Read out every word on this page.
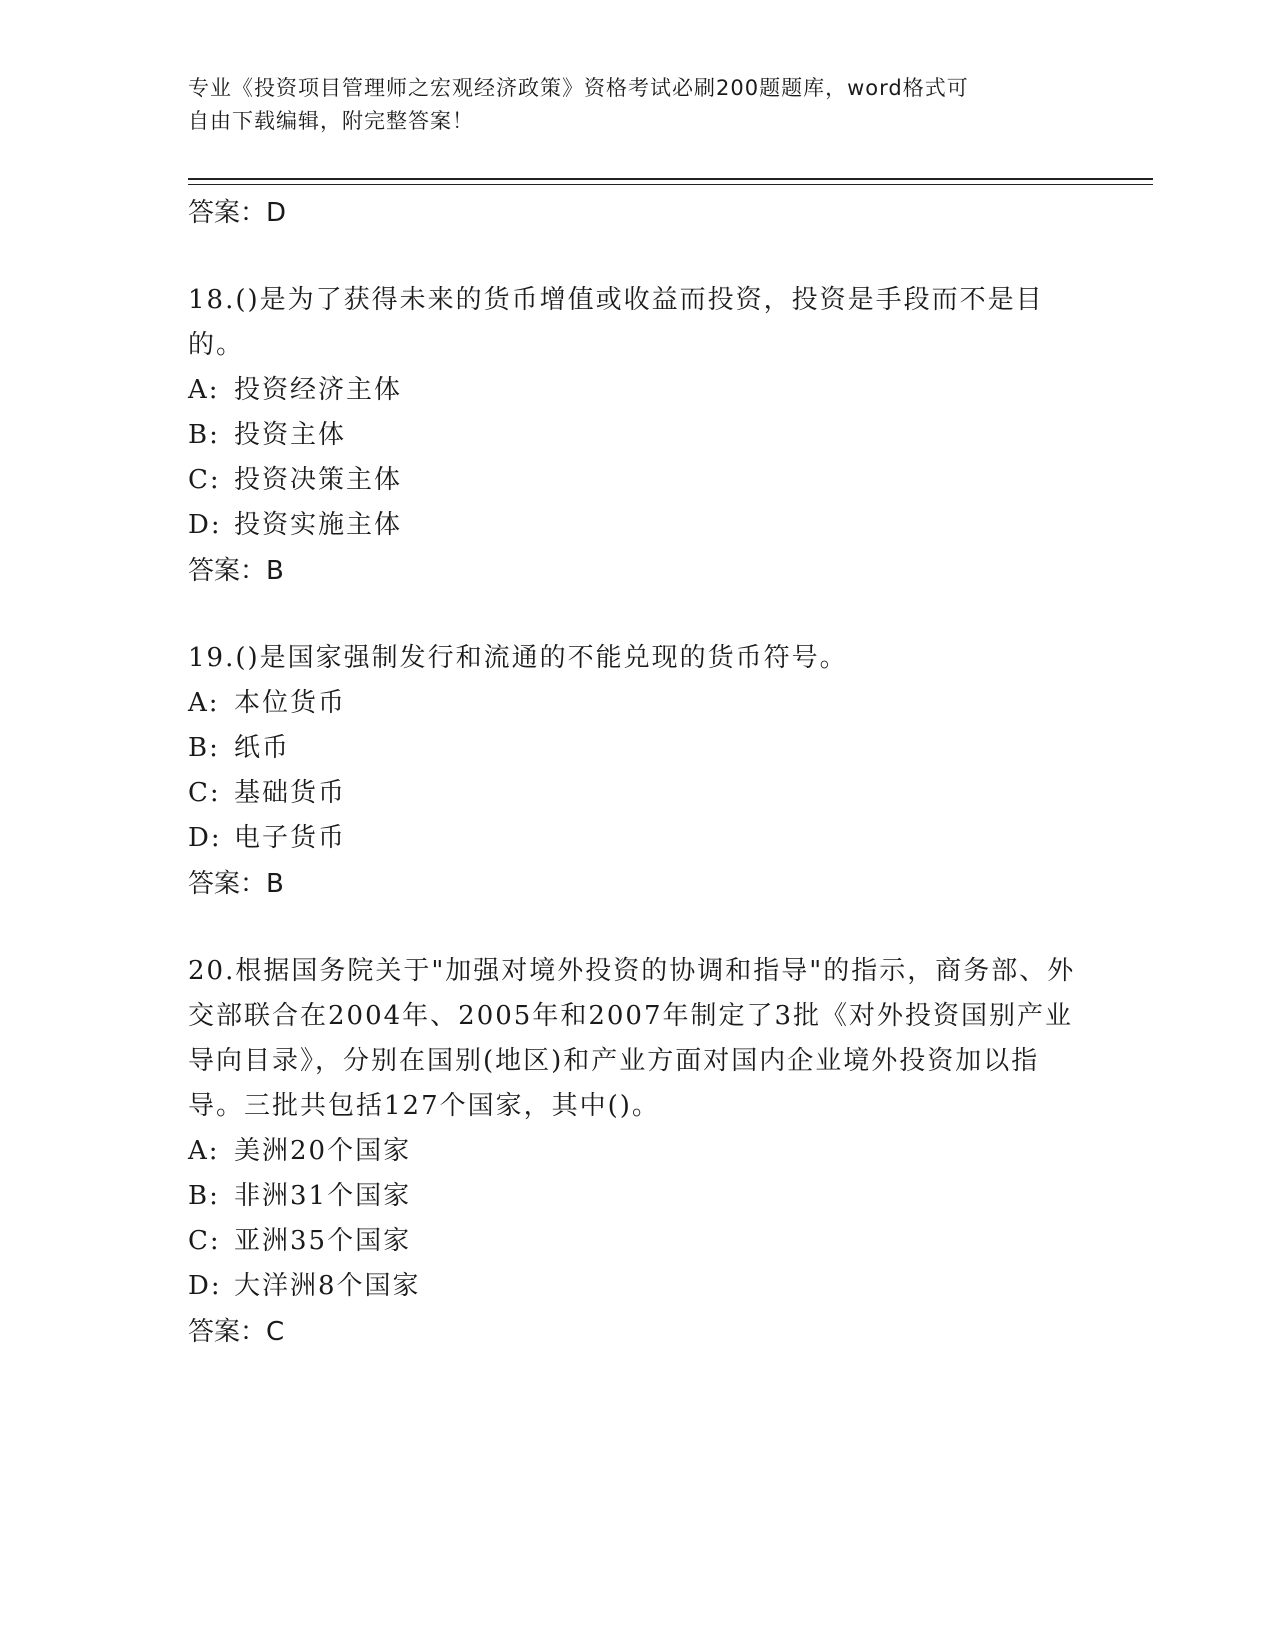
专业《投资项目管理师之宏观经济政策》资格考试必刷200题题库，word格式可
自由下载编辑，附完整答案！
答案：D
18.()是为了获得未来的货币增值或收益而投资，投资是手段而不是目的。
A: 投资经济主体
B: 投资主体
C: 投资决策主体
D: 投资实施主体
答案：B
19.()是国家强制发行和流通的不能兑现的货币符号。
A: 本位货币
B: 纸币
C: 基础货币
D: 电子货币
答案：B
20.根据国务院关于"加强对境外投资的协调和指导"的指示，商务部、外交部联合在2004年、2005年和2007年制定了3批《对外投资国别产业导向目录》，分别在国别(地区)和产业方面对国内企业境外投资加以指导。三批共包括127个国家，其中()。
A: 美洲20个国家
B: 非洲31个国家
C: 亚洲35个国家
D: 大洋洲8个国家
答案：C
